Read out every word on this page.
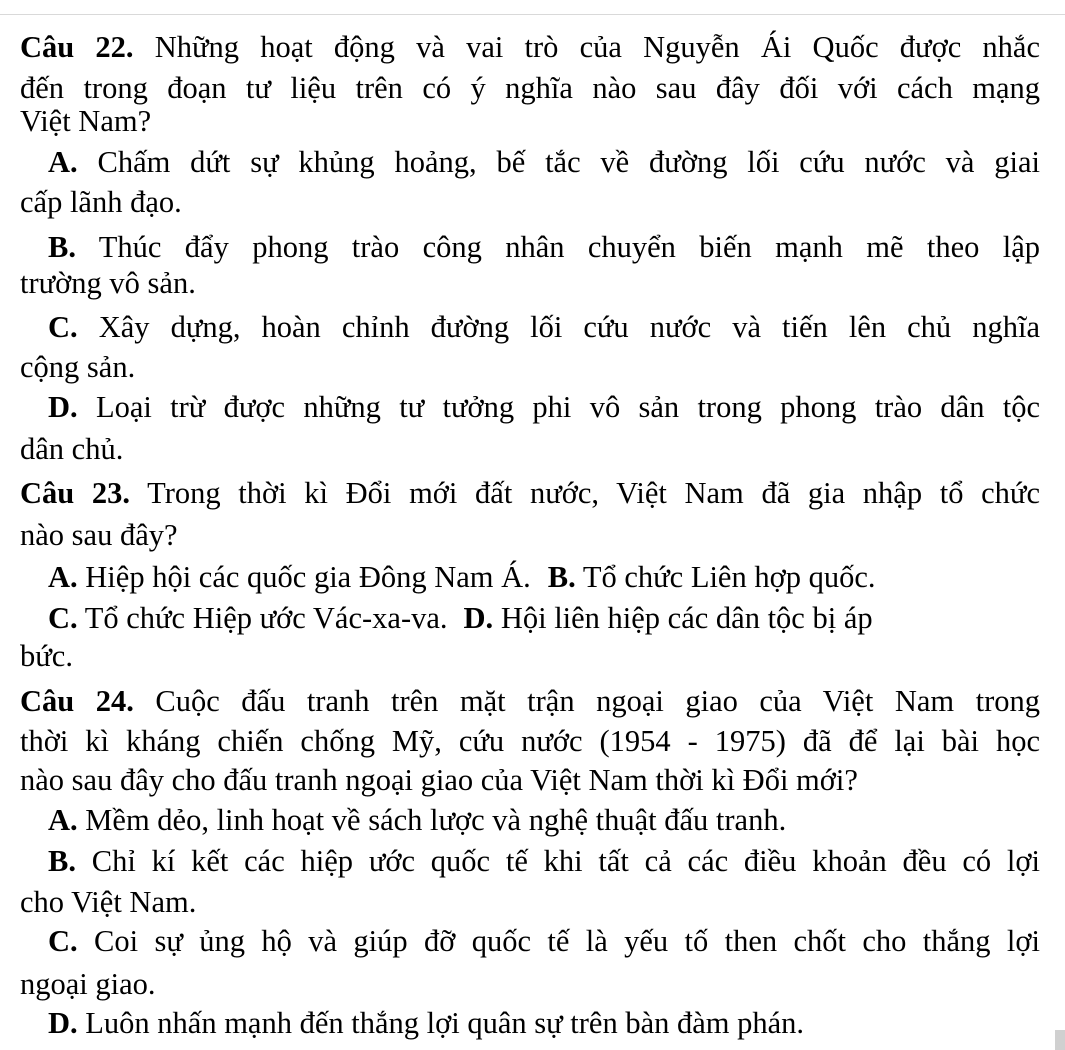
Câu 22. Những hoạt động và vai trò của Nguyễn Ái Quốc được nhắc
đến trong đoạn tư liệu trên có ý nghĩa nào sau đây đối với cách mạng
Việt Nam?
A. Chấm dứt sự khủng hoảng, bế tắc về đường lối cứu nước và giai
cấp lãnh đạo.
B. Thúc đẩy phong trào công nhân chuyển biến mạnh mẽ theo lập
trường vô sản.
C. Xây dựng, hoàn chỉnh đường lối cứu nước và tiến lên chủ nghĩa
cộng sản.
D. Loại trừ được những tư tưởng phi vô sản trong phong trào dân tộc
dân chủ.
Câu 23. Trong thời kì Đổi mới đất nước, Việt Nam đã gia nhập tổ chức
nào sau đây?
A. Hiệp hội các quốc gia Đông Nam Á. B. Tổ chức Liên hợp quốc.
C. Tổ chức Hiệp ước Vác-xa-va. D. Hội liên hiệp các dân tộc bị áp
bức.
Câu 24. Cuộc đấu tranh trên mặt trận ngoại giao của Việt Nam trong
thời kì kháng chiến chống Mỹ, cứu nước (1954 - 1975) đã để lại bài học
nào sau đây cho đấu tranh ngoại giao của Việt Nam thời kì Đổi mới?
A. Mềm dẻo, linh hoạt về sách lược và nghệ thuật đấu tranh.
B. Chỉ kí kết các hiệp ước quốc tế khi tất cả các điều khoản đều có lợi
cho Việt Nam.
C. Coi sự ủng hộ và giúp đỡ quốc tế là yếu tố then chốt cho thắng lợi
ngoại giao.
D. Luôn nhấn mạnh đến thắng lợi quân sự trên bàn đàm phán.
